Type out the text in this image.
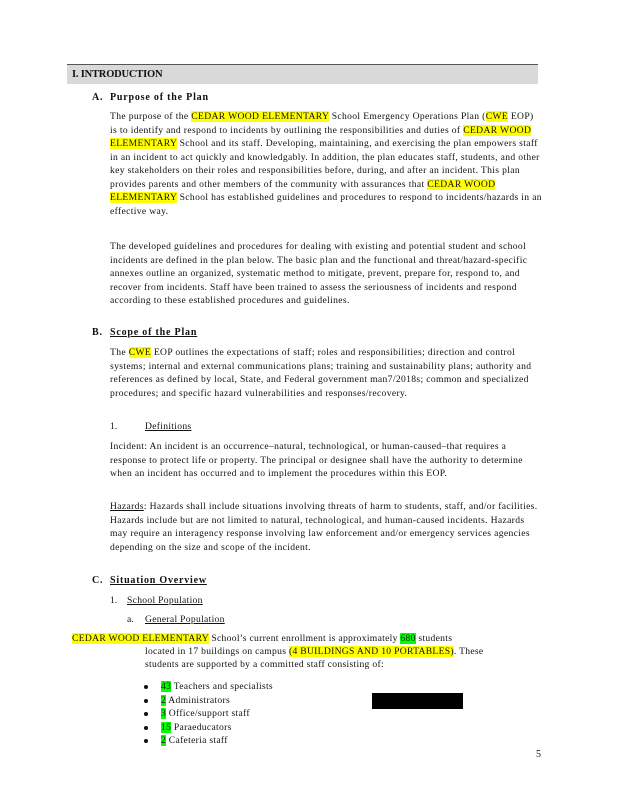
I. INTRODUCTION
A. Purpose of the Plan
The purpose of the CEDAR WOOD ELEMENTARY School Emergency Operations Plan (CWE EOP) is to identify and respond to incidents by outlining the responsibilities and duties of CEDAR WOOD ELEMENTARY School and its staff. Developing, maintaining, and exercising the plan empowers staff in an incident to act quickly and knowledgably. In addition, the plan educates staff, students, and other key stakeholders on their roles and responsibilities before, during, and after an incident. This plan provides parents and other members of the community with assurances that CEDAR WOOD ELEMENTARY School has established guidelines and procedures to respond to incidents/hazards in an effective way.
The developed guidelines and procedures for dealing with existing and potential student and school incidents are defined in the plan below. The basic plan and the functional and threat/hazard-specific annexes outline an organized, systematic method to mitigate, prevent, prepare for, respond to, and recover from incidents. Staff have been trained to assess the seriousness of incidents and respond according to these established procedures and guidelines.
B. Scope of the Plan
The CWE EOP outlines the expectations of staff; roles and responsibilities; direction and control systems; internal and external communications plans; training and sustainability plans; authority and references as defined by local, State, and Federal government man7/2018s; common and specialized procedures; and specific hazard vulnerabilities and responses/recovery.
1.	Definitions
Incident: An incident is an occurrence–natural, technological, or human-caused–that requires a response to protect life or property. The principal or designee shall have the authority to determine when an incident has occurred and to implement the procedures within this EOP.
Hazards: Hazards shall include situations involving threats of harm to students, staff, and/or facilities. Hazards include but are not limited to natural, technological, and human-caused incidents. Hazards may require an interagency response involving law enforcement and/or emergency services agencies depending on the size and scope of the incident.
C. Situation Overview
1. School Population
a. General Population
CEDAR WOOD ELEMENTARY School’s current enrollment is approximately 680 students
located in 17 buildings on campus (4 BUILDINGS AND 10 PORTABLES). These
students are supported by a committed staff consisting of:
43 Teachers and specialists
2 Administrators
3 Office/support staff
15 Paraeducators
2 Cafeteria staff
5
